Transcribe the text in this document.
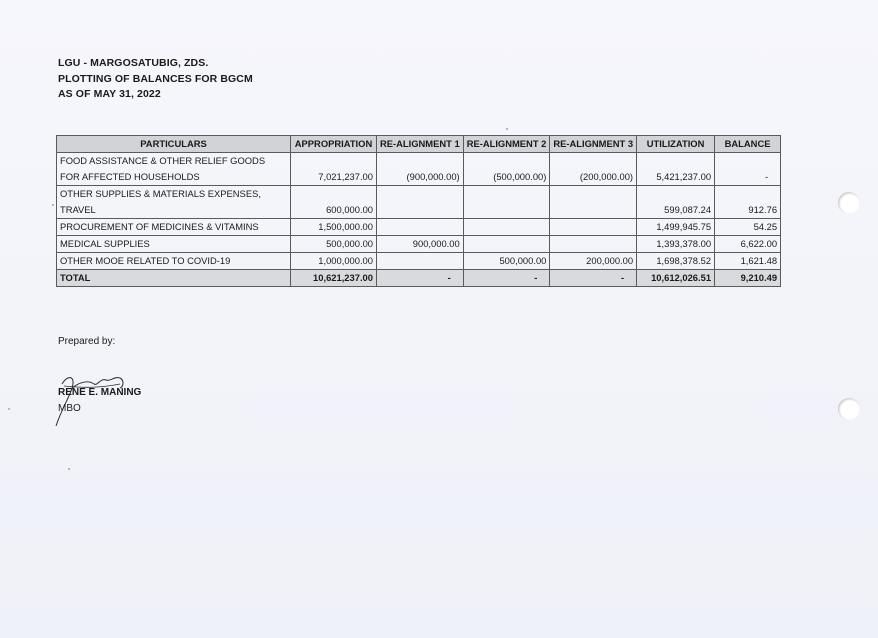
LGU - MARGOSATUBIG, ZDS.
PLOTTING OF BALANCES FOR BGCM
AS OF MAY 31, 2022
PARTICULARS	APPROPRIATION	RE-ALIGNMENT 1	RE-ALIGNMENT 2	RE-ALIGNMENT 3	UTILIZATION	BALANCE

FOOD ASSISTANCE & OTHER RELIEF GOODS
FOR AFFECTED HOUSEHOLDS	7,021,237.00	(900,000.00)	(500,000.00)	(200,000.00)	5,421,237.00	-

OTHER SUPPLIES & MATERIALS EXPENSES,
TRAVEL	600,000.00				599,087.24	912.76
PROCUREMENT OF MEDICINES & VITAMINS	1,500,000.00				1,499,945.75	54.25
MEDICAL SUPPLIES	500,000.00	900,000.00			1,393,378.00	6,622.00
OTHER MOOE RELATED TO COVID-19	1,000,000.00		500,000.00	200,000.00	1,698,378.52	1,621.48
TOTAL	10,621,237.00	-	-	-	10,612,026.51	9,210.49
Prepared by:
RENE E. MANING
MBO
